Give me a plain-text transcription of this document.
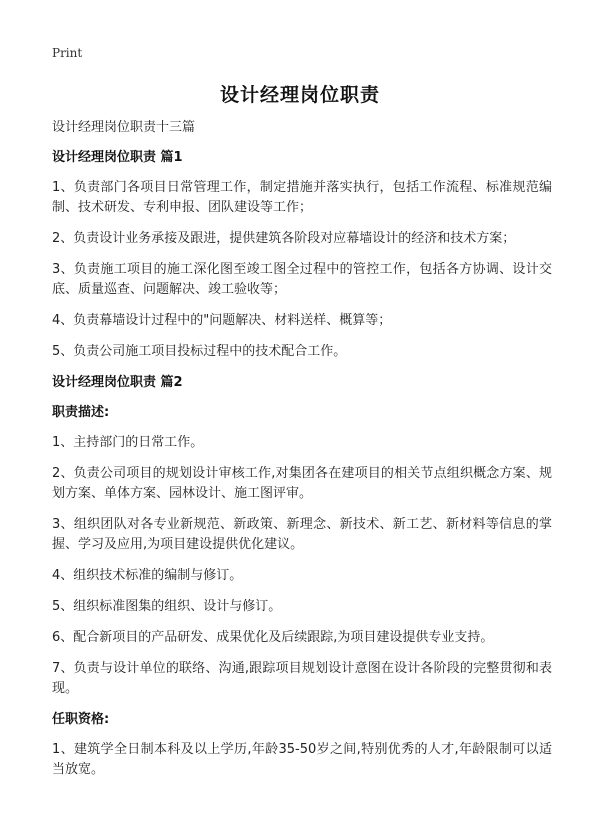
Print
设计经理岗位职责
设计经理岗位职责十三篇
设计经理岗位职责 篇1
1、负责部门各项目日常管理工作，制定措施并落实执行，包括工作流程、标准规范编制、技术研发、专利申报、团队建设等工作；
2、负责设计业务承接及跟进，提供建筑各阶段对应幕墙设计的经济和技术方案；
3、负责施工项目的施工深化图至竣工图全过程中的管控工作，包括各方协调、设计交底、质量巡查、问题解决、竣工验收等；
4、负责幕墙设计过程中的"问题解决、材料送样、概算等；
5、负责公司施工项目投标过程中的技术配合工作。
设计经理岗位职责 篇2
职责描述:
1、主持部门的日常工作。
2、负责公司项目的规划设计审核工作,对集团各在建项目的相关节点组织概念方案、规划方案、单体方案、园林设计、施工图评审。
3、组织团队对各专业新规范、新政策、新理念、新技术、新工艺、新材料等信息的掌握、学习及应用,为项目建设提供优化建议。
4、组织技术标准的编制与修订。
5、组织标准图集的组织、设计与修订。
6、配合新项目的产品研发、成果优化及后续跟踪,为项目建设提供专业支持。
7、负责与设计单位的联络、沟通,跟踪项目规划设计意图在设计各阶段的完整贯彻和表现。
任职资格:
1、建筑学全日制本科及以上学历,年龄35-50岁之间,特别优秀的人才,年龄限制可以适当放宽。
